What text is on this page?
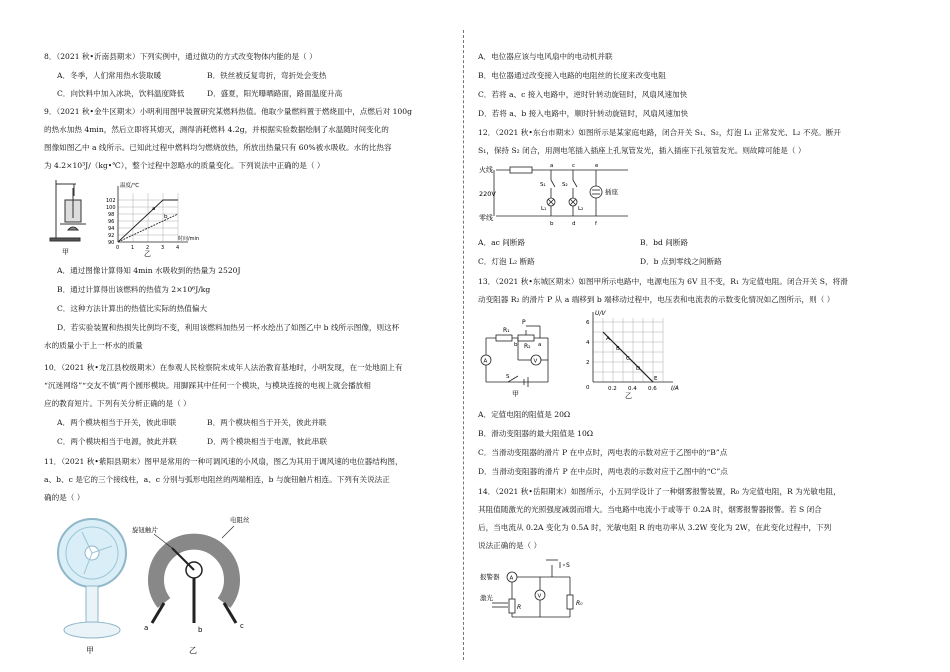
8．（2021 秋•沂南县期末）下列实例中，通过做功的方式改变物体内能的是（ ）
A．冬季，人们常用热水袋取暖	B．铁丝被反复弯折，弯折处会变热
C．向饮料中加入冰块，饮料温度降低	D．盛夏，阳光曝晒路面，路面温度升高
9．（2021 秋•金牛区期末）小明利用图甲装置研究某燃料热值。他取少量燃料置于燃烧皿中，点燃后对 100g
的热水加热 4min，然后立即将其熄灭，测得消耗燃料 4.2g，并根据实验数据绘制了水温随时间变化的
图像如图乙中 a 线所示。已知此过程中燃料均匀燃烧放热，所放出热量只有 60%被水吸收。水的比热容
为 4.2×10³J/（kg•℃），整个过程中忽略水的质量变化。下列说法中正确的是（ ）
甲
温度/℃
时间/min
102
100
98
96
94
92
90
0 1 2 3 4
a
b
乙
A．通过图像计算得知 4min 水吸收到的热量为 2520J
B．通过计算得出该燃料的热值为 2×10⁶J/kg
C．这种方法计算出的热值比实际的热值偏大
D．若实验装置和热损失比例均不变，利用该燃料加热另一杯水绘出了如图乙中 b 线所示图像，则这杯
水的质量小于上一杯水的质量
10．（2021 秋•龙江县校级期末）在参观人民检察院未成年人法治教育基地时，小明发现，在一处地面上有
“沉迷网络”“交友不慎”两个圆形模块。用脚踩其中任何一个模块，与模块连接的电视上就会播放相
应的教育短片。下列有关分析正确的是（ ）
A．两个模块相当于开关，彼此串联	B．两个模块相当于开关，彼此并联
C．两个模块相当于电源，彼此并联	D．两个模块相当于电源，彼此串联
11．（2021 秋•紫阳县期末）图甲是常用的一种可调风速的小风扇，图乙为其用于调风速的电位器结构图，
a、b、c 是它的三个接线柱，a、c 分别与弧形电阻丝的两端相连，b 与旋钮触片相连。下列有关说法正
确的是（ ）
甲
旋钮触片
电阻丝
a	b	c
乙
A．电位器应该与电风扇中的电动机并联
B．电位器通过改变接入电路的电阻丝的长度来改变电阻
C．若将 a、c 接入电路中，逆时针转动旋钮时，风扇风速加快
D．若将 a、b 接入电路中，顺时针转动旋钮时，风扇风速加快
12．（2021 秋•东台市期末）如图所示是某家庭电路，闭合开关 S₁、S₂，灯泡 L₁ 正常发光、L₂ 不亮。断开
S₁，保持 S₂ 闭合，用测电笔插入插座上孔氖管发光，插入插座下孔氖管发光。则故障可能是（ ）
火线
220V
零线
S₁	S₂
L₁	L₂
插座
a	c	e
b	d	f
A．ac 间断路	B．bd 间断路
C．灯泡 L₂ 断路	D．b 点到零线之间断路
13．（2021 秋•东城区期末）如图甲所示电路中，电源电压为 6V 且不变，R₁ 为定值电阻。闭合开关 S，将滑
动变阻器 R₂ 的滑片 P 从 a 端移到 b 端移动过程中，电压表和电流表的示数变化情况如乙图所示，则（ ）
R₁
R₂
P
a
b
S
A	V
甲
U/V
I/A
6
4
2
0	0.2 0.4 0.6
A
B
C
D
E
乙
A．定值电阻的阻值是 20Ω
B．滑动变阻器的最大阻值是 10Ω
C．当滑动变阻器的滑片 P 在中点时，两电表的示数对应于乙图中的“B”点
D．当滑动变阻器的滑片 P 在中点时，两电表的示数对应于乙图中的“C”点
14．（2021 秋•岳阳期末）如图所示，小五同学设计了一种烟雾报警装置，R₀ 为定值电阻，R 为光敏电阻，
其阻值随激光的光照强度减弱而增大。当电路中电流小于或等于 0.2A 时，烟雾报警器报警。若 S 闭合
后，当电流从 0.2A 变化为 0.5A 时，光敏电阻 R 的电功率从 3.2W 变化为 2W，在此变化过程中，下列
说法正确的是（ ）
报警器
激光
A
V
S
R
R₀
